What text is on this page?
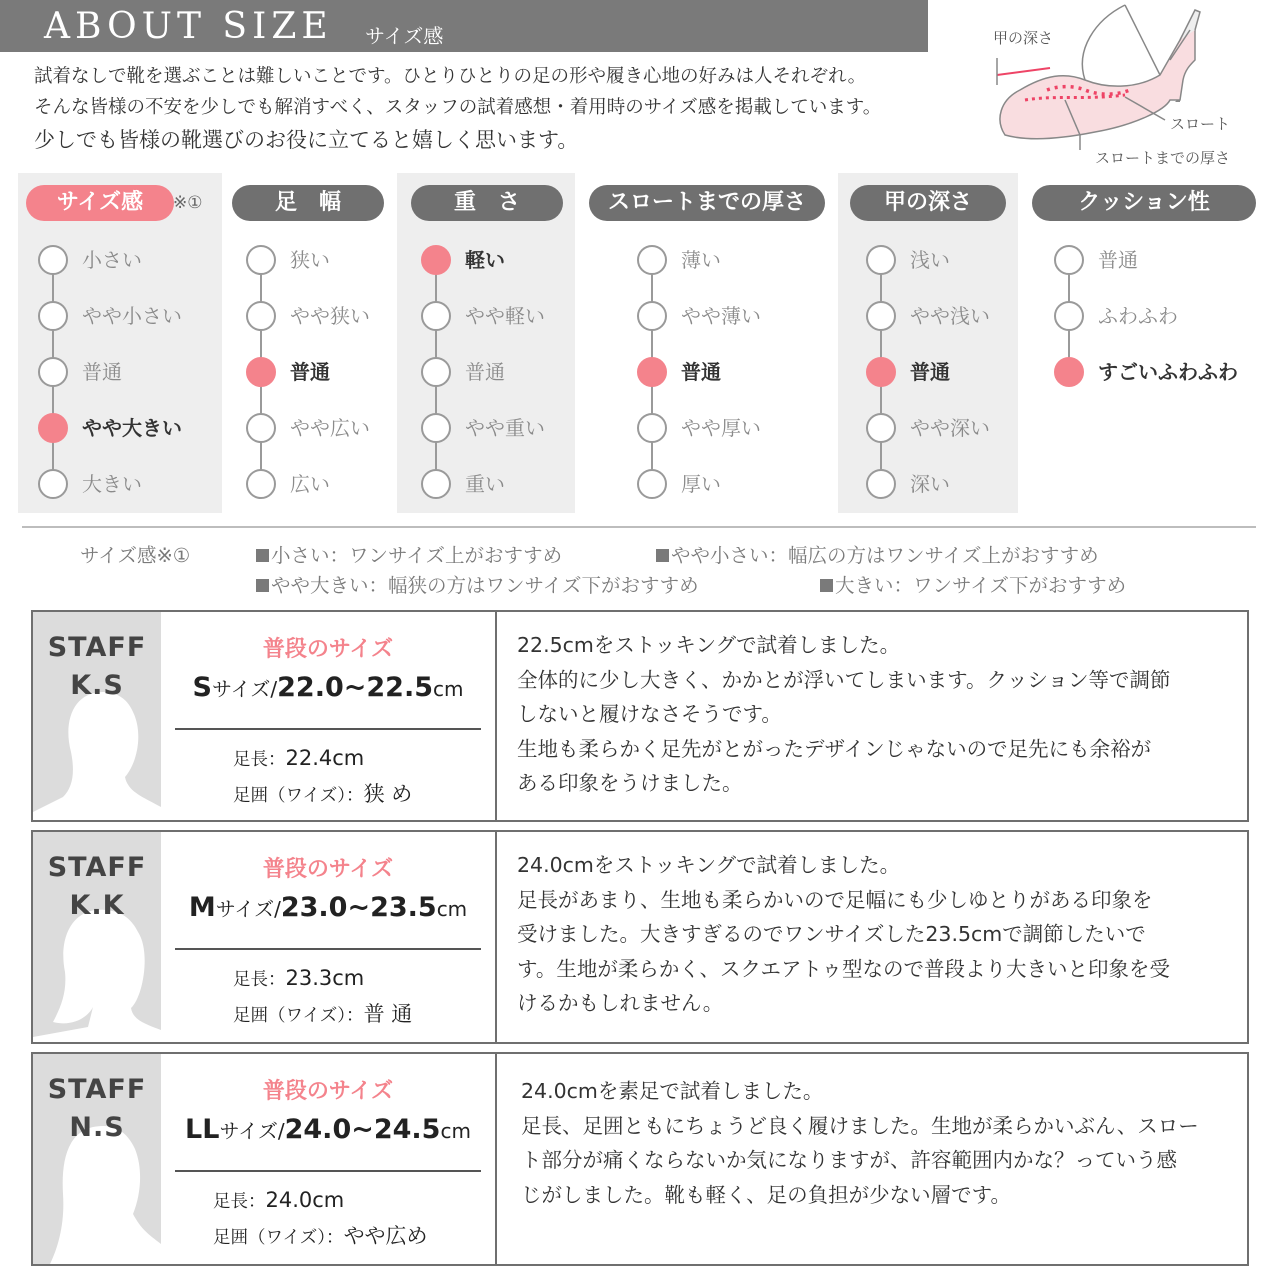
ABOUT SIZE サイズ感
試着なしで靴を選ぶことは難しいことです。ひとりひとりの足の形や履き心地の好みは人それぞれ。
そんな皆様の不安を少しでも解消すべく、スタッフの試着感想・着用時のサイズ感を掲載しています。
少しでも皆様の靴選びのお役に立てると嬉しく思います。
甲の深さ
スロート
スロートまでの厚さ
サイズ感	※①
小さい
やや小さい
普通
やや大きい
大きい
足　幅
狭い
やや狭い
普通
やや広い
広い
重　さ
軽い
やや軽い
普通
やや重い
重い
スロートまでの厚さ
薄い
やや薄い
普通
やや厚い
厚い
甲の深さ
浅い
やや浅い
普通
やや深い
深い
クッション性
普通
ふわふわ
すごいふわふわ
サイズ感※①	小さい：ワンサイズ上がおすすめ	やや小さい：幅広の方はワンサイズ上がおすすめ
やや大きい：幅狭の方はワンサイズ下がおすすめ	大きい：ワンサイズ下がおすすめ
STAFF
K.S
普段のサイズ
Sサイズ/22.0~22.5cm
足長：22.4cm
足囲（ワイズ）：狭 め
22.5cmをストッキングで試着しました。
全体的に少し大きく、かかとが浮いてしまいます。クッション等で調節
しないと履けなさそうです。
生地も柔らかく足先がとがったデザインじゃないので足先にも余裕が
ある印象をうけました。
STAFF
K.K
普段のサイズ
Mサイズ/23.0~23.5cm
足長：23.3cm
足囲（ワイズ）：普 通
24.0cmをストッキングで試着しました。
足長があまり、生地も柔らかいので足幅にも少しゆとりがある印象を
受けました。大きすぎるのでワンサイズした23.5cmで調節したいで
す。生地が柔らかく、スクエアトゥ型なので普段より大きいと印象を受
けるかもしれません。
STAFF
N.S
普段のサイズ
LLサイズ/24.0~24.5cm
足長：24.0cm
足囲（ワイズ）：やや広め
24.0cmを素足で試着しました。
足長、足囲ともにちょうど良く履けました。生地が柔らかいぶん、スロー
ト部分が痛くならないか気になりますが、許容範囲内かな？っていう感
じがしました。靴も軽く、足の負担が少ない層です。
